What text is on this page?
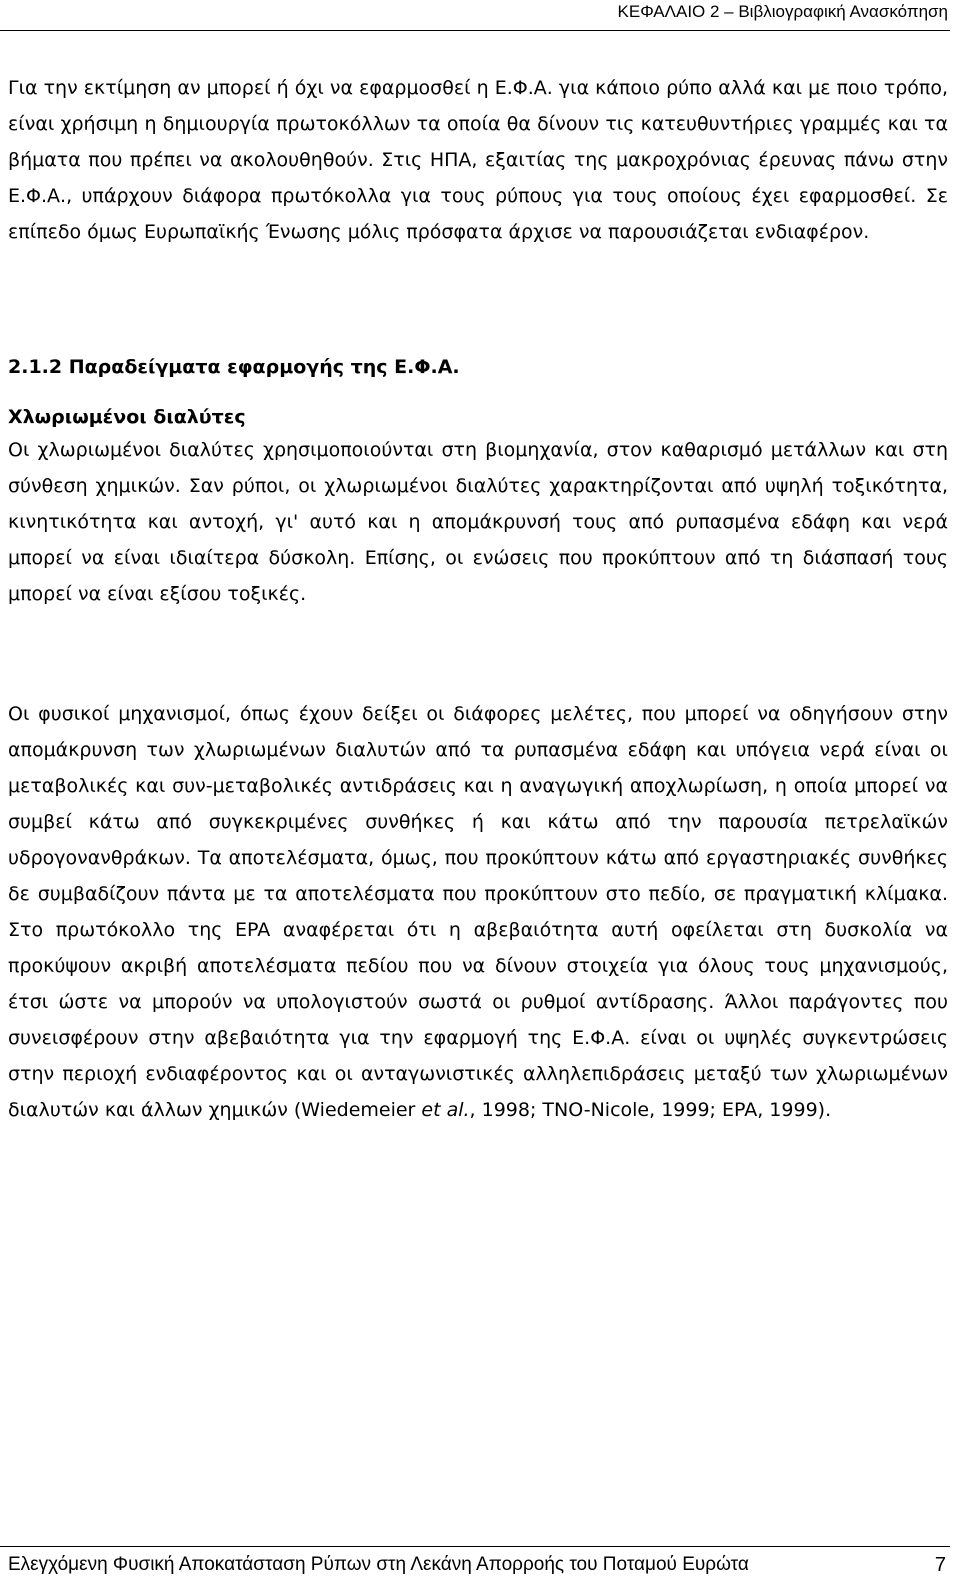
ΚΕΦΑΛΑΙΟ 2 – Βιβλιογραφική Ανασκόπηση

Για την εκτίμηση αν μπορεί ή όχι να εφαρμοσθεί η Ε.Φ.Α. για κάποιο ρύπο αλλά και με ποιο τρόπο, είναι χρήσιμη η δημιουργία πρωτοκόλλων τα οποία θα δίνουν τις κατευθυντήριες γραμμές και τα βήματα που πρέπει να ακολουθηθούν. Στις ΗΠΑ, εξαιτίας της μακροχρόνιας έρευνας πάνω στην Ε.Φ.Α., υπάρχουν διάφορα πρωτόκολλα για τους ρύπους για τους οποίους έχει εφαρμοσθεί. Σε επίπεδο όμως Ευρωπαϊκής Ένωσης μόλις πρόσφατα άρχισε να παρουσιάζεται ενδιαφέρον.

2.1.2 Παραδείγματα εφαρμογής της Ε.Φ.Α.
Χλωριωμένοι διαλύτες

Οι χλωριωμένοι διαλύτες χρησιμοποιούνται στη βιομηχανία, στον καθαρισμό μετάλλων και στη σύνθεση χημικών. Σαν ρύποι, οι χλωριωμένοι διαλύτες χαρακτηρίζονται από υψηλή τοξικότητα, κινητικότητα και αντοχή, γι' αυτό και η απομάκρυνσή τους από ρυπασμένα εδάφη και νερά μπορεί να είναι ιδιαίτερα δύσκολη. Επίσης, οι ενώσεις που προκύπτουν από τη διάσπασή τους μπορεί να είναι εξίσου τοξικές.

Οι φυσικοί μηχανισμοί, όπως έχουν δείξει οι διάφορες μελέτες, που μπορεί να οδηγήσουν στην απομάκρυνση των χλωριωμένων διαλυτών από τα ρυπασμένα εδάφη και υπόγεια νερά είναι οι μεταβολικές και συν-μεταβολικές αντιδράσεις και η αναγωγική αποχλωρίωση, η οποία μπορεί να συμβεί κάτω από συγκεκριμένες συνθήκες ή και κάτω από την παρουσία πετρελαϊκών υδρογονανθράκων. Τα αποτελέσματα, όμως, που προκύπτουν κάτω από εργαστηριακές συνθήκες δε συμβαδίζουν πάντα με τα αποτελέσματα που προκύπτουν στο πεδίο, σε πραγματική κλίμακα. Στο πρωτόκολλο της EPA αναφέρεται ότι η αβεβαιότητα αυτή οφείλεται στη δυσκολία να προκύψουν ακριβή αποτελέσματα πεδίου που να δίνουν στοιχεία για όλους τους μηχανισμούς, έτσι ώστε να μπορούν να υπολογιστούν σωστά οι ρυθμοί αντίδρασης. Άλλοι παράγοντες που συνεισφέρουν στην αβεβαιότητα για την εφαρμογή της Ε.Φ.Α. είναι οι υψηλές συγκεντρώσεις στην περιοχή ενδιαφέροντος και οι ανταγωνιστικές αλληλεπιδράσεις μεταξύ των χλωριωμένων διαλυτών και άλλων χημικών (Wiedemeier et al., 1998; TNO-Nicole, 1999; EPA, 1999).

Ελεγχόμενη Φυσική Αποκατάσταση Ρύπων στη Λεκάνη Απορροής του Ποταμού Ευρώτα	7
